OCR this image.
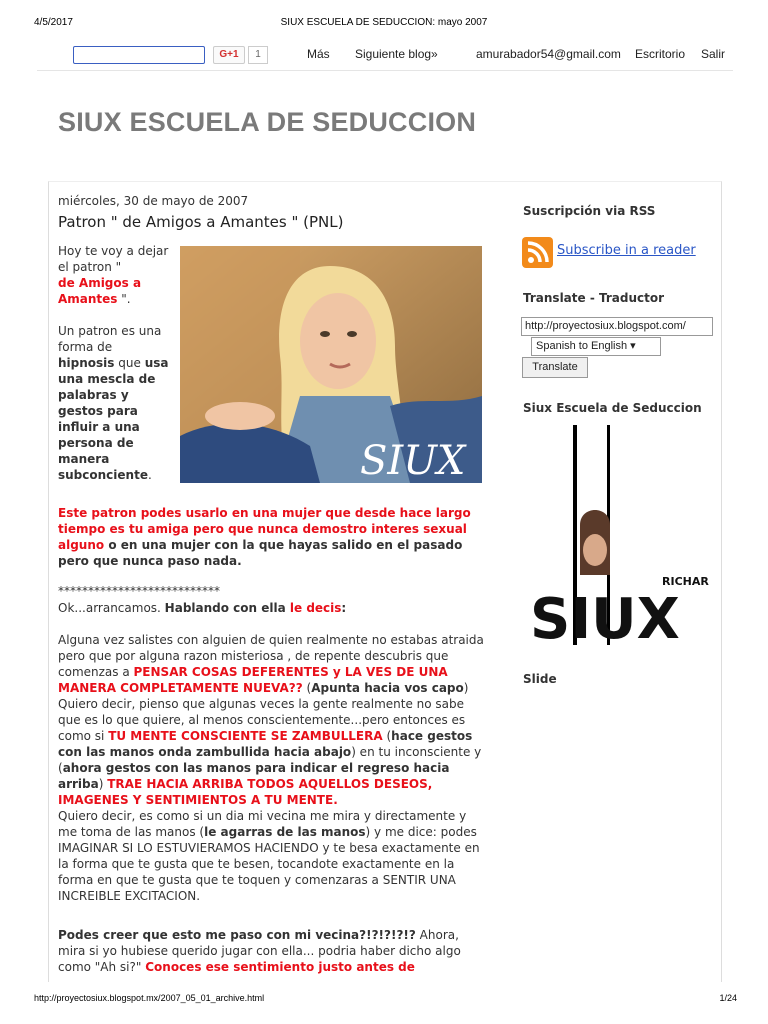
4/5/2017	SIUX ESCUELA DE SEDUCCION: mayo 2007
G+1	1	Más Siguiente blog»	amurabador54@gmail.com Escritorio Salir
SIUX ESCUELA DE SEDUCCION
miércoles, 30 de mayo de 2007
Patron " de Amigos a Amantes " (PNL)
Hoy te voy a dejar el patron "
de Amigos a Amantes ".

Un patron es una forma de hipnosis que usa una mescla de palabras y gestos para influir a una persona de manera subconciente.	SIUX
Este patron podes usarlo en una mujer que desde hace largo tiempo es tu amiga pero que nunca demostro interes sexual alguno o en una mujer con la que hayas salido en el pasado pero que nunca paso nada.
***************************
Ok...arrancamos. Hablando con ella le decis:
Alguna vez salistes con alguien de quien realmente no estabas atraida pero que por alguna razon misteriosa , de repente descubris que comenzas a PENSAR COSAS DEFERENTES y LA VES DE UNA MANERA COMPLETAMENTE NUEVA?? (Apunta hacia vos capo)
Quiero decir, pienso que algunas veces la gente realmente no sabe que es lo que quiere, al menos conscientemente...pero entonces es como si TU MENTE CONSCIENTE SE ZAMBULLERA (hace gestos con las manos onda zambullida hacia abajo) en tu inconsciente y (ahora gestos con las manos para indicar el regreso hacia arriba) TRAE HACIA ARRIBA TODOS AQUELLOS DESEOS, IMAGENES Y SENTIMIENTOS A TU MENTE.
Quiero decir, es como si un dia mi vecina me mira y directamente y me toma de las manos (le agarras de las manos) y me dice: podes IMAGINAR SI LO ESTUVIERAMOS HACIENDO y te besa exactamente en la forma que te gusta que te besen, tocandote exactamente en la forma en que te gusta que te toquen y comenzaras a SENTIR UNA INCREIBLE EXCITACION.
Podes creer que esto me paso con mi vecina?!?!?!?!? Ahora, mira si yo hubiese querido jugar con ella... podria haber dicho algo como "Ah si?" Conoces ese sentimiento justo antes de
Suscripción via RSS
Subscribe in a reader
Translate - Traductor
http://proyectosiux.blogspot.com/
Spanish to English ▾
Translate
Siux Escuela de Seduccion
SIUX
RICHAR
Slide
http://proyectosiux.blogspot.mx/2007_05_01_archive.html	1/24
